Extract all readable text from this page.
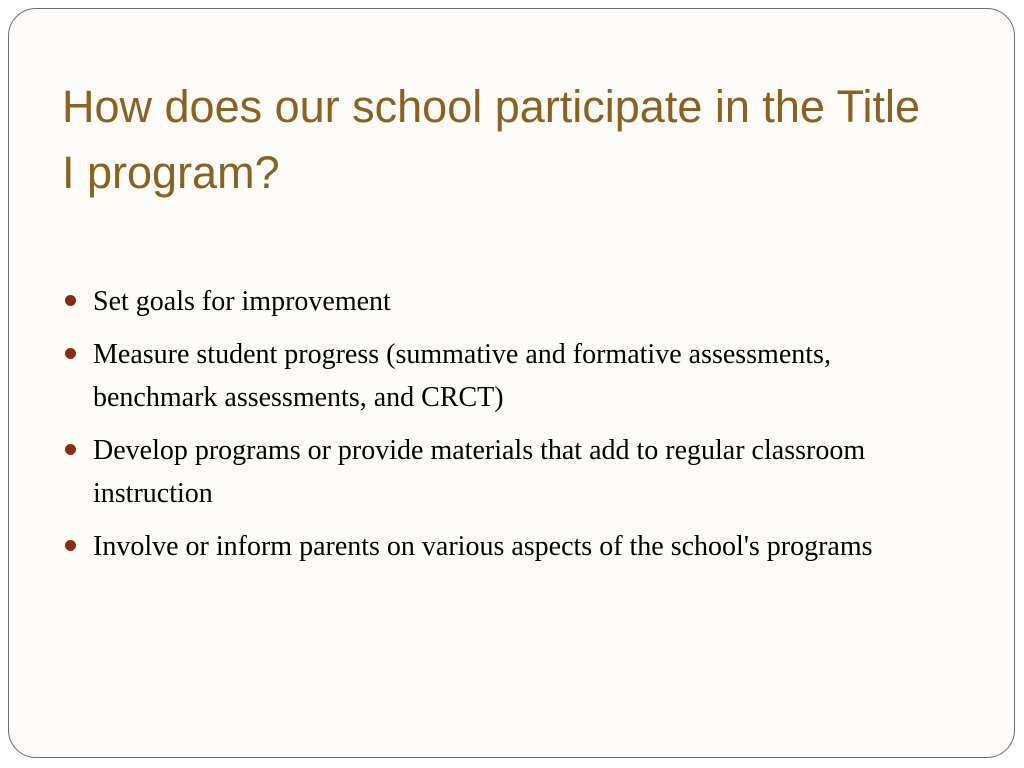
How does our school participate in the Title I program?
Set goals for improvement
Measure student progress (summative and formative assessments, benchmark assessments, and CRCT)
Develop programs or provide materials that add to regular classroom instruction
Involve or inform parents on various aspects of the school's programs
